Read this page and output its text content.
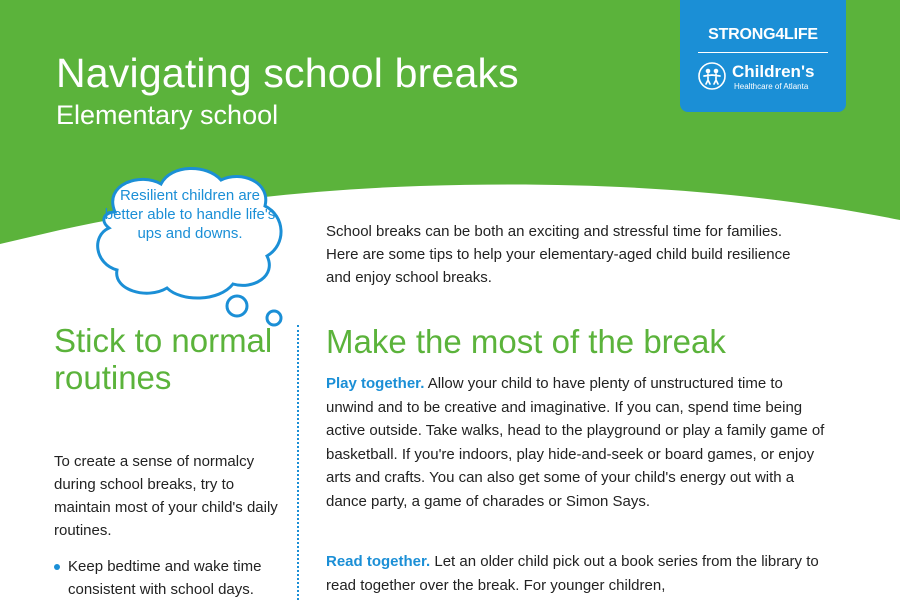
Navigating school breaks
Elementary school
STRONG4LIFE
Children's
Healthcare of Atlanta
Resilient children are better able to handle life's ups and downs.	School breaks can be both an exciting and stressful time for families. Here are some tips to help your elementary-aged child build resilience and enjoy school breaks.

Stick to normal routines

To create a sense of normalcy during school breaks, try to maintain most of your child's daily routines.

Keep bedtime and wake time consistent with school days.
Make the most of the break

Play together. Allow your child to have plenty of unstructured time to unwind and to be creative and imaginative. If you can, spend time being active outside. Take walks, head to the playground or play a family game of basketball. If you're indoors, play hide-and-seek or board games, or enjoy arts and crafts. You can also get some of your child's energy out with a dance party, a game of charades or Simon Says.

Read together. Let an older child pick out a book series from the library to read together over the break. For younger children,
